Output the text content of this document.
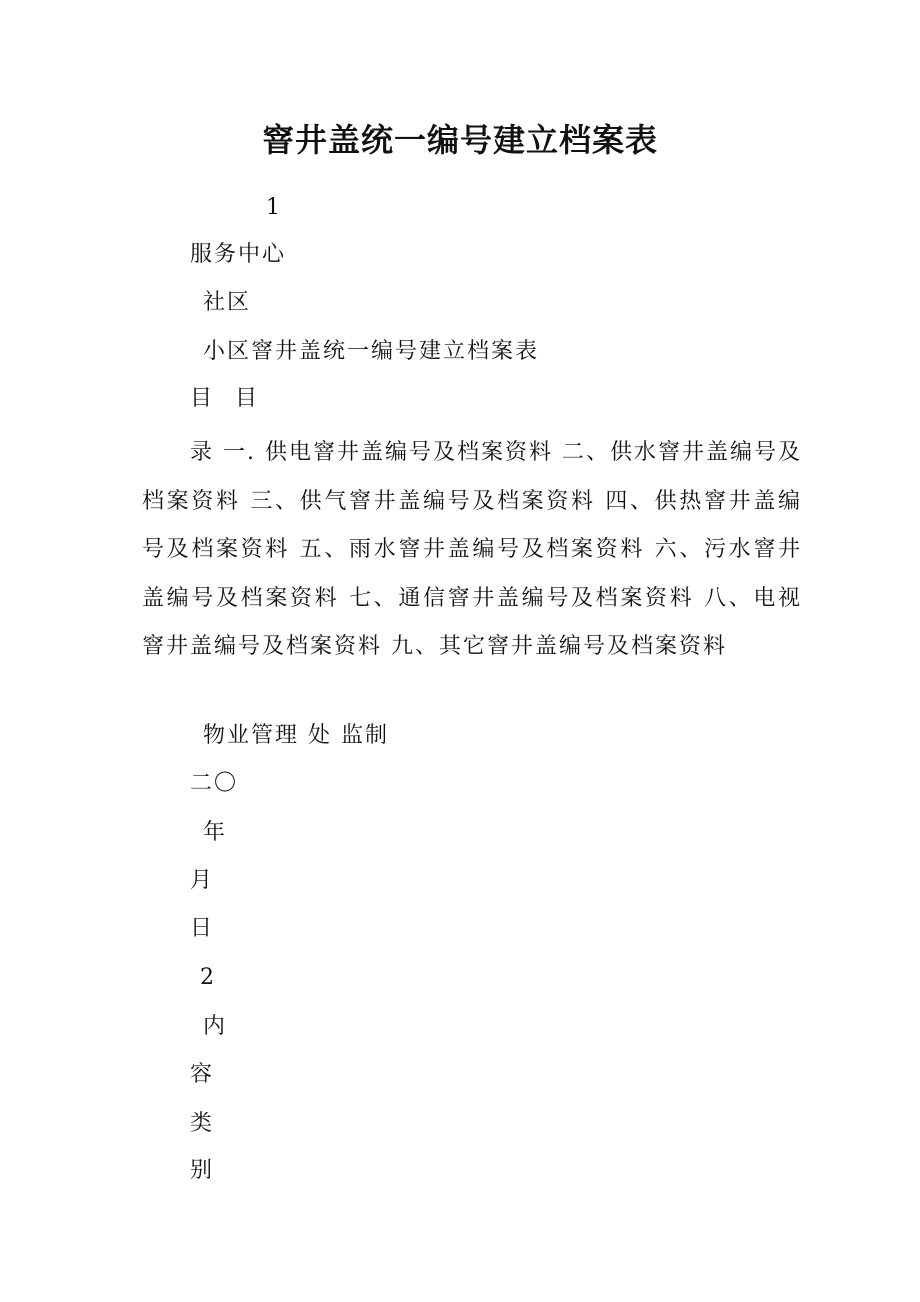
窨井盖统一编号建立档案表
1
服务中心
社区
小区窨井盖统一编号建立档案表
目 目
录 一. 供电窨井盖编号及档案资料 二、供水窨井盖编号及档案资料 三、供气窨井盖编号及档案资料 四、供热窨井盖编号及档案资料 五、雨水窨井盖编号及档案资料 六、污水窨井盖编号及档案资料 七、通信窨井盖编号及档案资料 八、电视窨井盖编号及档案资料 九、其它窨井盖编号及档案资料
物业管理 处 监制
二〇
年
月
日
2
内
容
类
别
